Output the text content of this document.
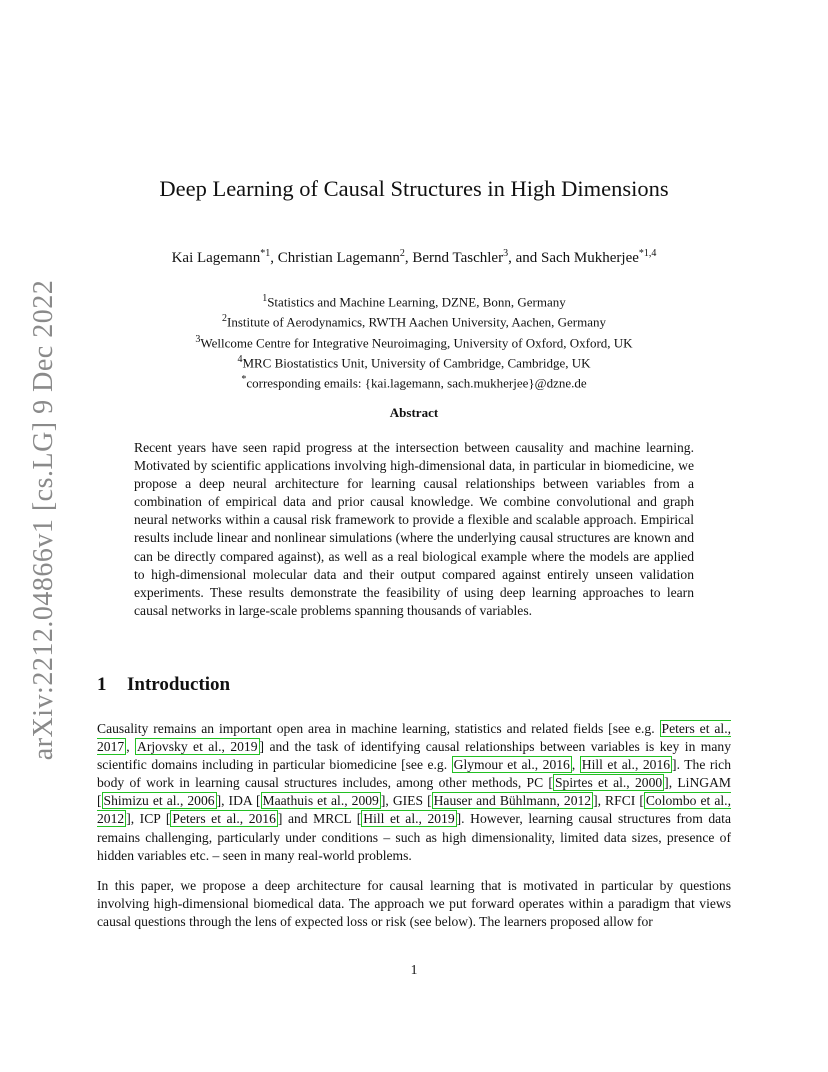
arXiv:2212.04866v1 [cs.LG] 9 Dec 2022
Deep Learning of Causal Structures in High Dimensions
Kai Lagemann$^{*1}$, Christian Lagemann$^2$, Bernd Taschler$^3$, and Sach Mukherjee$^{*1,4}$
$^1$Statistics and Machine Learning, DZNE, Bonn, Germany
$^2$Institute of Aerodynamics, RWTH Aachen University, Aachen, Germany
$^3$Wellcome Centre for Integrative Neuroimaging, University of Oxford, Oxford, UK
$^4$MRC Biostatistics Unit, University of Cambridge, Cambridge, UK
*corresponding emails: {kai.lagemann, sach.mukherjee}@dzne.de
Abstract

Recent years have seen rapid progress at the intersection between causality and machine learning. Motivated by scientific applications involving high-dimensional data, in particular in biomedicine, we propose a deep neural architecture for learning causal relationships between variables from a combination of empirical data and prior causal knowledge. We combine convolutional and graph neural networks within a causal risk framework to provide a flexible and scalable approach. Empirical results include linear and nonlinear simulations (where the underlying causal structures are known and can be directly compared against), as well as a real biological example where the models are applied to high-dimensional molecular data and their output compared against entirely unseen validation experiments. These results demonstrate the feasibility of using deep learning approaches to learn causal networks in large-scale problems spanning thousands of variables.

1 Introduction

Causality remains an important open area in machine learning, statistics and related fields [see e.g. Peters et al., 2017 , Arjovsky et al., 2019 ] and the task of identifying causal relationships between variables is key in many scientific domains including in particular biomedicine [see e.g. Glymour et al., 2016 , Hill et al., 2016 ]. The rich body of work in learning causal structures includes, among other methods, PC [ Spirtes et al., 2000 ], LiNGAM [ Shimizu et al., 2006 ], IDA [ Maathuis et al., 2009 ], GIES [ Hauser and Bühlmann, 2012 ], RFCI [ Colombo et al., 2012 ], ICP [ Peters et al., 2016 ] and MRCL [ Hill et al., 2019 ]. However, learning causal structures from data remains challenging, particularly under conditions – such as high dimensionality, limited data sizes, presence of hidden variables etc. – seen in many real-world problems.

In this paper, we propose a deep architecture for causal learning that is motivated in particular by questions involving high-dimensional biomedical data. The approach we put forward operates within a paradigm that views causal questions through the lens of expected loss or risk (see below). The learners proposed allow for

1
